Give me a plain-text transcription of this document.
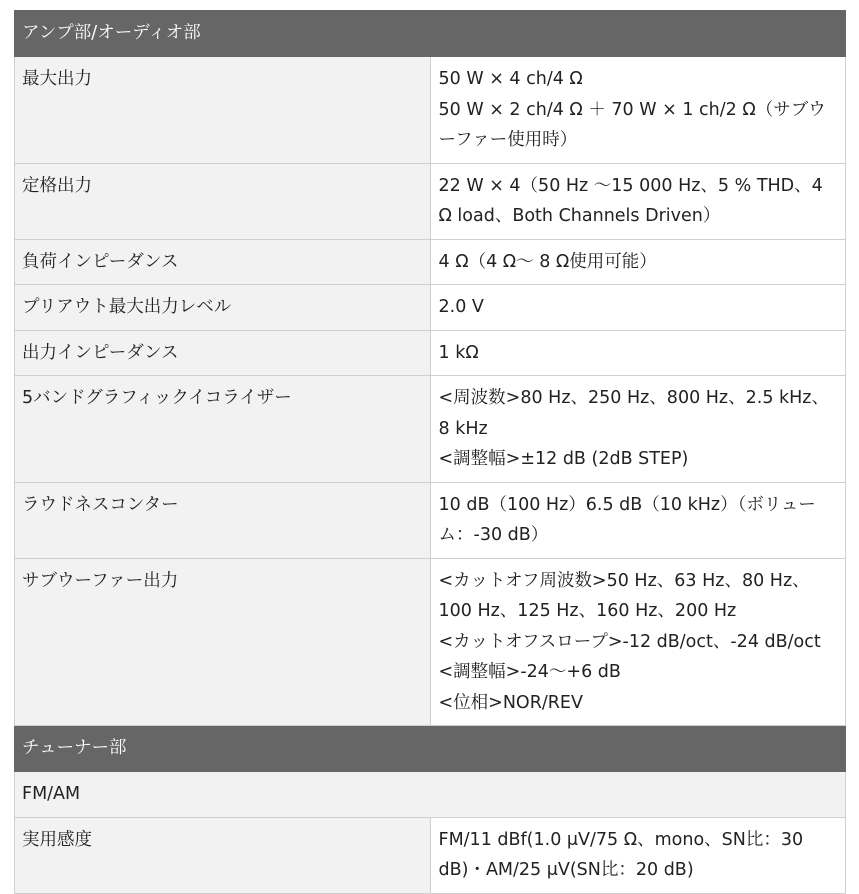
アンプ部/オーディオ部	
最大出力	50 W × 4 ch/4 Ω
50 W × 2 ch/4 Ω ＋ 70 W × 1 ch/2 Ω（サブウーファー使用時）

定格出力	22 W × 4（50 Hz ～15 000 Hz、5 % THD、4 Ω load、Both Channels Driven）

負荷インピーダンス	4 Ω（4 Ω～ 8 Ω使用可能）

プリアウト最大出力レベル	2.0 V

出力インピーダンス	1 kΩ

5バンドグラフィックイコライザー	<周波数>80 Hz、250 Hz、800 Hz、2.5 kHz、8 kHz
<調整幅>±12 dB (2dB STEP)

ラウドネスコンター	10 dB（100 Hz）6.5 dB（10 kHz）（ボリューム：-30 dB）

サブウーファー出力	<カットオフ周波数>50 Hz、63 Hz、80 Hz、100 Hz、125 Hz、160 Hz、200 Hz
<カットオフスロープ>-12 dB/oct、-24 dB/oct
<調整幅>-24～+6 dB
<位相>NOR/REV

チューナー部	
FM/AM	
実用感度	FM/11 dBf(1.0 μV/75 Ω、mono、SN比：30 dB)・AM/25 μV(SN比：20 dB)
